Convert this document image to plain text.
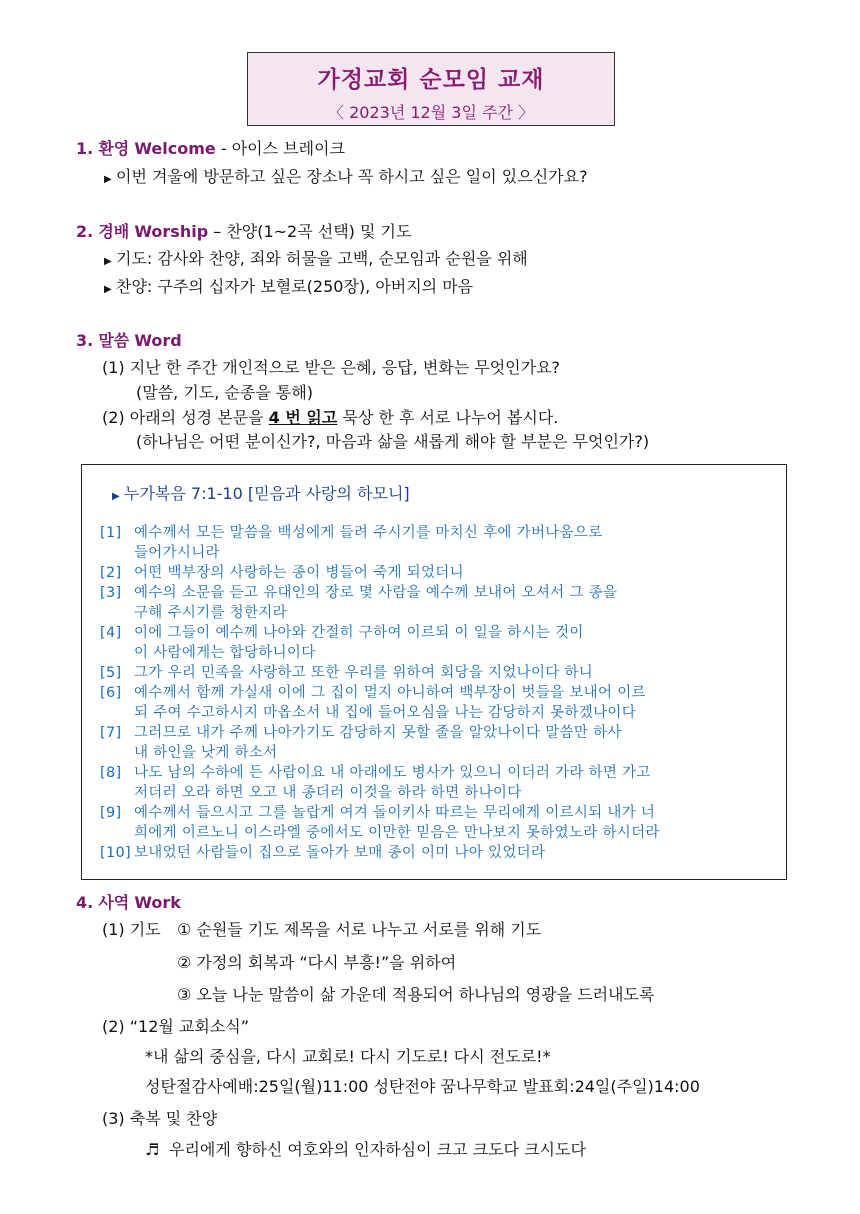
가정교회 순모임 교재
〈 2023년 12월 3일 주간 〉
1. 환영 Welcome - 아이스 브레이크
▶ 이번 겨울에 방문하고 싶은 장소나 꼭 하시고 싶은 일이 있으신가요?
2. 경배 Worship – 찬양(1~2곡 선택) 및 기도
▶ 기도: 감사와 찬양, 죄와 허물을 고백, 순모임과 순원을 위해
▶ 찬양: 구주의 십자가 보혈로(250장), 아버지의 마음
3. 말씀 Word
(1) 지난 한 주간 개인적으로 받은 은혜, 응답, 변화는 무엇인가요?
(말씀, 기도, 순종을 통해)
(2) 아래의 성경 본문을 4 번 읽고 묵상 한 후 서로 나누어 봅시다.
(하나님은 어떤 분이신가?, 마음과 삶을 새롭게 해야 할 부분은 무엇인가?)
▶ 누가복음 7:1-10 [믿음과 사랑의 하모니]
[1] 예수께서 모든 말씀을 백성에게 들려 주시기를 마치신 후에 가버나움으로
들어가시니라
[2] 어떤 백부장의 사랑하는 종이 병들어 죽게 되었더니
[3] 예수의 소문을 듣고 유대인의 장로 몇 사람을 예수께 보내어 오셔서 그 종을
구해 주시기를 청한지라
[4] 이에 그들이 예수께 나아와 간절히 구하여 이르되 이 일을 하시는 것이
이 사람에게는 합당하니이다
[5] 그가 우리 민족을 사랑하고 또한 우리를 위하여 회당을 지었나이다 하니
[6] 예수께서 함께 가실새 이에 그 집이 멀지 아니하여 백부장이 벗들을 보내어 이르
되 주여 수고하시지 마옵소서 내 집에 들어오심을 나는 감당하지 못하겠나이다
[7] 그러므로 내가 주께 나아가기도 감당하지 못할 줄을 알았나이다 말씀만 하사
내 하인을 낫게 하소서
[8] 나도 남의 수하에 든 사람이요 내 아래에도 병사가 있으니 이더러 가라 하면 가고
저더러 오라 하면 오고 내 종더러 이것을 하라 하면 하나이다
[9] 예수께서 들으시고 그를 놀랍게 여겨 돌이키사 따르는 무리에게 이르시되 내가 너
희에게 이르노니 이스라엘 중에서도 이만한 믿음은 만나보지 못하였노라 하시더라
[10] 보내었던 사람들이 집으로 돌아가 보매 종이 이미 나아 있었더라
4. 사역 Work
(1) 기도 ① 순원들 기도 제목을 서로 나누고 서로를 위해 기도
② 가정의 회복과 “다시 부흥!”을 위하여
③ 오늘 나눈 말씀이 삶 가운데 적용되어 하나님의 영광을 드러내도록
(2) “12월 교회소식”
*내 삶의 중심을, 다시 교회로! 다시 기도로! 다시 전도로!*
성탄절감사예배:25일(월)11:00 성탄전야 꿈나무학교 발표회:24일(주일)14:00
(3) 축복 및 찬양
♬ 우리에게 향하신 여호와의 인자하심이 크고 크도다 크시도다
